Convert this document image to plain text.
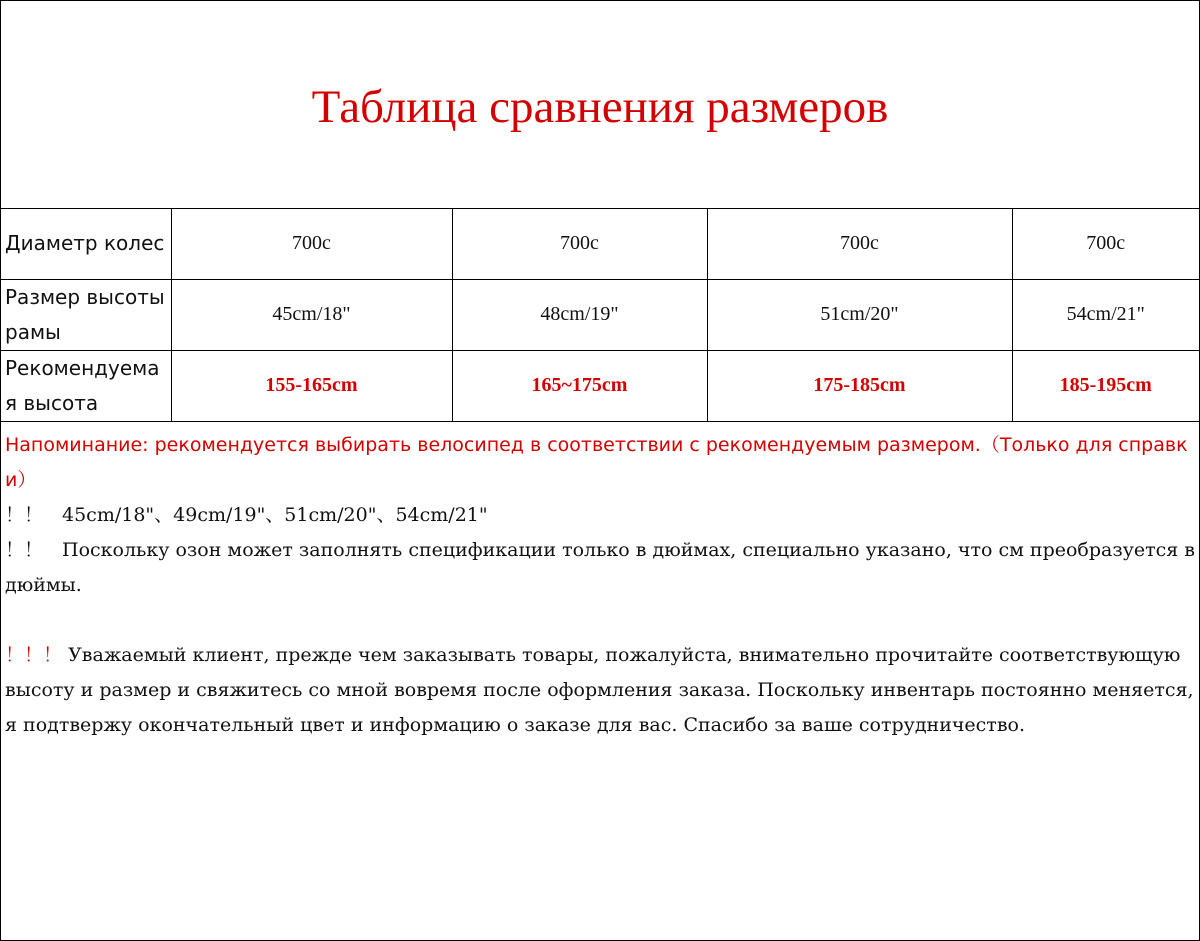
Таблица сравнения размеров
Диаметр колеc	700c	700c	700c	700c
Размер высоты рамы	45cm/18"	48cm/19"	51cm/20"	54cm/21"
Рекомендуемая высота	155-165cm	165~175cm	175-185cm	185-195cm

Напоминание: рекомендуется выбирать велосипед в соответствии с рекомендуемым размером.（Только для справки）

！！　45cm/18"、49cm/19"、51cm/20"、54cm/21"

！！　Поскольку озон может заполнять спецификации только в дюймах, специально указано, что см преобразуется в дюймы.

！！！ Уважаемый клиент, прежде чем заказывать товары, пожалуйста, внимательно прочитайте соответствующую высоту и размер и свяжитесь со мной вовремя после оформления заказа. Поскольку инвентарь постоянно меняется, я подтвержу окончательный цвет и информацию о заказе для вас. Спасибо за ваше сотрудничество.
